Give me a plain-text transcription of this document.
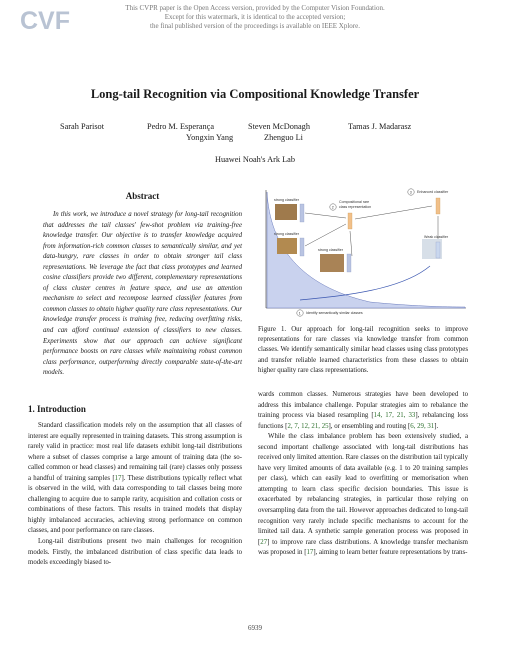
CVF	This CVPR paper is the Open Access version, provided by the Computer Vision Foundation.
Except for this watermark, it is identical to the accepted version;
the final published version of the proceedings is available on IEEE Xplore.
Long-tail Recognition via Compositional Knowledge Transfer
Sarah Parisot	Pedro M. Esperança	Steven McDonagh	Tamas J. Madarasz
Yongxin Yang	Zhenguo Li
Huawei Noah's Ark Lab
Abstract

In this work, we introduce a novel strategy for long-tail recognition that addresses the tail classes' few-shot problem via training-free knowledge transfer. Our objective is to transfer knowledge acquired from information-rich common classes to semantically similar, and yet data-hungry, rare classes in order to obtain stronger tail class representations. We leverage the fact that class prototypes and learned cosine classifiers provide two different, complementary representations of class cluster centres in feature space, and use an attention mechanism to select and recompose learned classifier features from common classes to obtain higher quality rare class representations. Our knowledge transfer process is training free, reducing overfitting risks, and can afford continual extension of classifiers to new classes. Experiments show that our approach can achieve significant performance boosts on rare classes while maintaining robust common class performance, outperforming directly comparable state-of-the-art models.

1. Introduction

Standard classification models rely on the assumption that all classes of interest are equally represented in training datasets. This strong assumption is rarely valid in practice: most real life datasets exhibit long-tail distributions where a subset of classes comprise a large amount of training data (the so-called common or head classes) and remaining tail (rare) classes only possess a handful of training samples [17]. These distributions typically reflect what is observed in the wild, with data corresponding to tail classes being more challenging to acquire due to sample rarity, acquisition and collation costs or combinations of these factors. This results in trained models that display highly imbalanced accuracies, achieving strong performance on common classes, and poor performance on rare classes.

Long-tail distributions present two main challenges for recognition models. Firstly, the imbalanced distribution of class specific data leads to models exceedingly biased to-

strong classifier
strong classifier
strong classifier
2
Compositional rare
class representation
3 Enhanced classifier
Weak classifier
1 Identify semantically similar classes
Figure 1. Our approach for long-tail recognition seeks to improve representations for rare classes via knowledge transfer from common classes. We identify semantically similar head classes using class prototypes and transfer reliable learned characteristics from these classes to obtain higher quality rare class representations.

wards common classes. Numerous strategies have been developed to address this imbalance challenge. Popular strategies aim to rebalance the training process via biased resampling [14, 17, 21, 33], rebalancing loss functions [2, 7, 12, 21, 25], or ensembling and routing [6, 29, 31].

While the class imbalance problem has been extensively studied, a second important challenge associated with long-tail distributions has received only limited attention. Rare classes on the distribution tail typically have very limited amounts of data available (e.g. 1 to 20 training samples per class), which can easily lead to overfitting or memorisation when attempting to learn class specific decision boundaries. This issue is exacerbated by rebalancing strategies, in particular those relying on oversampling data from the tail. However approaches dedicated to long-tail recognition very rarely include specific mechanisms to account for the limited tail data. A synthetic sample generation process was proposed in [27] to improve rare class distributions. A knowledge transfer mechanism was proposed in [17], aiming to learn better feature representations by trans-

6939
